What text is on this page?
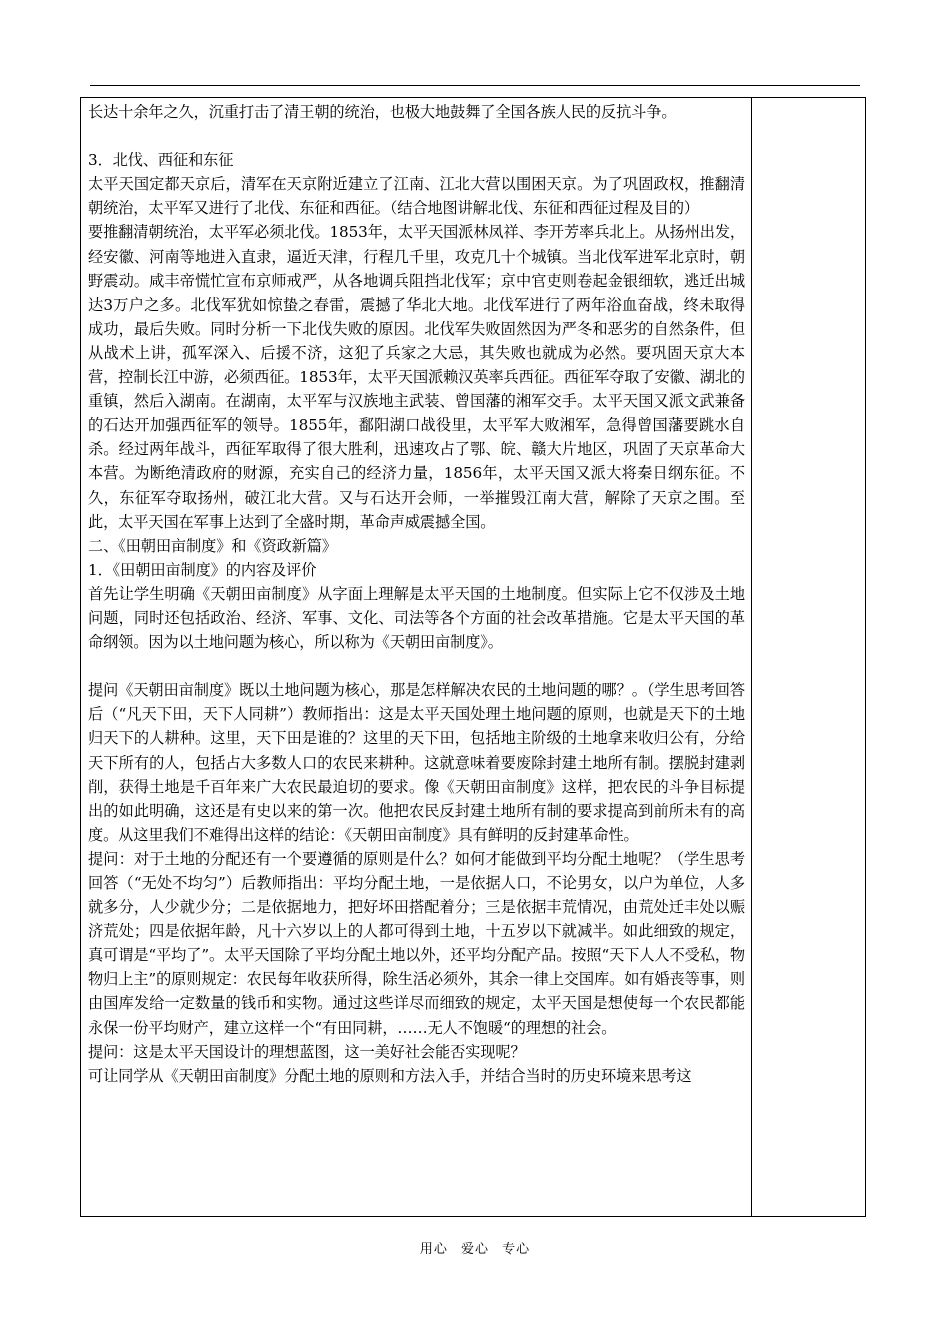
长达十余年之久，沉重打击了清王朝的统治，也极大地鼓舞了全国各族人民的反抗斗争。

3．北伐、西征和东征

太平天国定都天京后，清军在天京附近建立了江南、江北大营以围困天京。为了巩固政权，推翻清朝统治，太平军又进行了北伐、东征和西征。（结合地图讲解北伐、东征和西征过程及目的）

要推翻清朝统治，太平军必须北伐。1853年，太平天国派林凤祥、李开芳率兵北上。从扬州出发，经安徽、河南等地进入直隶，逼近天津，行程几千里，攻克几十个城镇。当北伐军进军北京时，朝野震动。咸丰帝慌忙宣布京师戒严，从各地调兵阻挡北伐军；京中官吏则卷起金银细软，逃迁出城达3万户之多。北伐军犹如惊蛰之春雷，震撼了华北大地。北伐军进行了两年浴血奋战，终未取得成功，最后失败。同时分析一下北伐失败的原因。北伐军失败固然因为严冬和恶劣的自然条件，但从战术上讲，孤军深入、后援不济，这犯了兵家之大忌，其失败也就成为必然。要巩固天京大本营，控制长江中游，必须西征。1853年，太平天国派赖汉英率兵西征。西征军夺取了安徽、湖北的重镇，然后入湖南。在湖南，太平军与汉族地主武装、曾国藩的湘军交手。太平天国又派文武兼备的石达开加强西征军的领导。1855年，鄱阳湖口战役里，太平军大败湘军，急得曾国藩要跳水自杀。经过两年战斗，西征军取得了很大胜利，迅速攻占了鄂、皖、赣大片地区，巩固了天京革命大本营。为断绝清政府的财源，充实自己的经济力量，1856年，太平天国又派大将秦日纲东征。不久，东征军夺取扬州，破江北大营。又与石达开会师，一举摧毁江南大营，解除了天京之围。至此，太平天国在军事上达到了全盛时期，革命声威震撼全国。

二、《田朝田亩制度》和《资政新篇》

1．《田朝田亩制度》的内容及评价

首先让学生明确《天朝田亩制度》从字面上理解是太平天国的土地制度。但实际上它不仅涉及土地问题，同时还包括政治、经济、军事、文化、司法等各个方面的社会改革措施。它是太平天国的革命纲领。因为以土地问题为核心，所以称为《天朝田亩制度》。

提问《天朝田亩制度》既以土地问题为核心，那是怎样解决农民的土地问题的哪？。（学生思考回答后（“凡天下田，天下人同耕”）教师指出：这是太平天国处理土地问题的原则，也就是天下的土地归天下的人耕种。这里，天下田是谁的？这里的天下田，包括地主阶级的土地拿来收归公有，分给天下所有的人，包括占大多数人口的农民来耕种。这就意味着要废除封建土地所有制。摆脱封建剥削，获得土地是千百年来广大农民最迫切的要求。像《天朝田亩制度》这样，把农民的斗争目标提出的如此明确，这还是有史以来的第一次。他把农民反封建土地所有制的要求提高到前所未有的高度。从这里我们不难得出这样的结论：《天朝田亩制度》具有鲜明的反封建革命性。

提问：对于土地的分配还有一个要遵循的原则是什么？如何才能做到平均分配土地呢？（学生思考回答（“无处不均匀”）后教师指出：平均分配土地，一是依据人口，不论男女，以户为单位，人多就多分，人少就少分；二是依据地力，把好坏田搭配着分；三是依据丰荒情况，由荒处迁丰处以赈济荒处；四是依据年龄，凡十六岁以上的人都可得到土地，十五岁以下就减半。如此细致的规定，真可谓是“平均了”。太平天国除了平均分配土地以外，还平均分配产品。按照“天下人人不受私，物物归上主”的原则规定：农民每年收获所得，除生活必须外，其余一律上交国库。如有婚丧等事，则由国库发给一定数量的钱币和实物。通过这些详尽而细致的规定，太平天国是想使每一个农民都能永保一份平均财产，建立这样一个“有田同耕，……无人不饱暖“的理想的社会。

提问：这是太平天国设计的理想蓝图，这一美好社会能否实现呢？

可让同学从《天朝田亩制度》分配土地的原则和方法入手，并结合当时的历史环境来思考这

用心 爱心 专心
